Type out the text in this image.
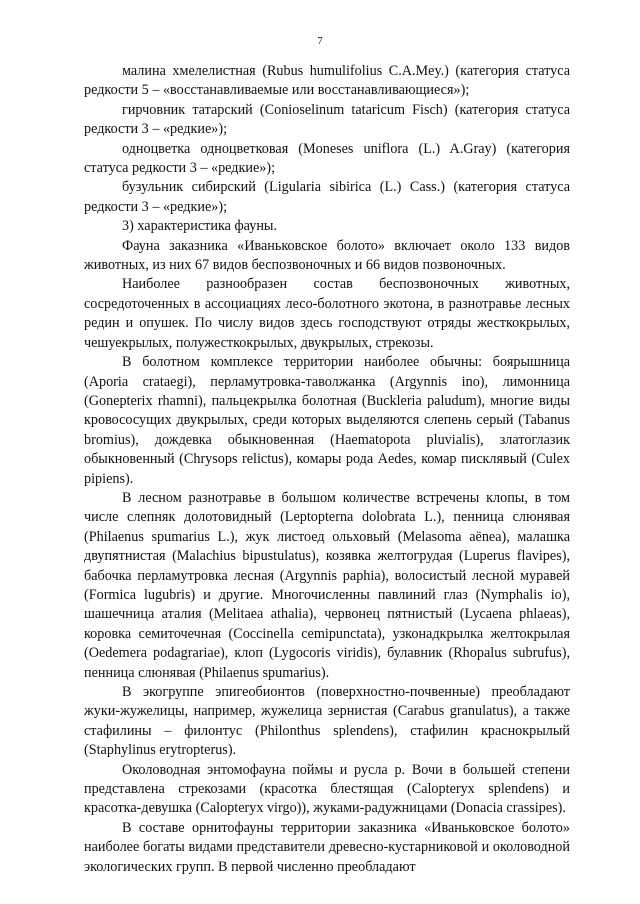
7

малина хмелелистная (Rubus humulifolius C.A.Mey.) (категория статуса редкости 5 – «восстанавливаемые или восстанавливающиеся»);

гирчовник татарский (Conioselinum tataricum Fisch) (категория статуса редкости 3 – «редкие»);

одноцветка одноцветковая (Moneses uniflora (L.) A.Gray) (категория статуса редкости 3 – «редкие»);

бузульник сибирский (Ligularia sibirica (L.) Cass.) (категория статуса редкости 3 – «редкие»);

3) характеристика фауны.

Фауна заказника «Иваньковское болото» включает около 133 видов животных, из них 67 видов беспозвоночных и 66 видов позвоночных.

Наиболее разнообразен состав беспозвоночных животных, сосредоточенных в ассоциациях лесо-болотного экотона, в разнотравье лесных редин и опушек. По числу видов здесь господствуют отряды жесткокрылых, чешуекрылых, полужесткокрылых, двукрылых, стрекозы.

В болотном комплексе территории наиболее обычны: боярышница (Aporia crataegi), перламутровка-таволжанка (Argynnis ino), лимонница (Gonepterix rhamni), пальцекрылка болотная (Buckleria paludum), многие виды кровососущих двукрылых, среди которых выделяются слепень серый (Tabanus bromius), дождевка обыкновенная (Haematopota pluvialis), златоглазик обыкновенный (Chrysops relictus), комары рода Aedes, комар писклявый (Culex pipiens).

В лесном разнотравье в большом количестве встречены клопы, в том числе слепняк долотовидный (Leptopterna dolobrata L.), пенница слюнявая (Philaenus spumarius L.), жук листоед ольховый (Melasoma aënea), малашка двупятнистая (Malachius bipustulatus), козявка желтогрудая (Luperus flavipes), бабочка перламутровка лесная (Argynnis paphia), волосистый лесной муравей (Formica lugubris) и другие. Многочисленны павлиний глаз (Nymphalis io), шашечница аталия (Melitaea athalia), червонец пятнистый (Lycaena phlaeas), коровка семиточечная (Coccinella cemipunctata), узконадкрылка желтокрылая (Oedemera podagrariae), клоп (Lygocoris viridis), булавник (Rhopalus subrufus), пенница слюнявая (Philaenus spumarius).

В экогруппе эпигеобионтов (поверхностно-почвенные) преобладают жуки-жужелицы, например, жужелица зернистая (Carabus granulatus), а также стафилины – филонтус (Philonthus splendens), стафилин краснокрылый (Staphylinus erytropterus).

Околоводная энтомофауна поймы и русла р. Вочи в большей степени представлена стрекозами (красотка блестящая (Calopteryx splendens) и красотка-девушка (Calopteryx virgo)), жуками-радужницами (Donacia crassipes).

В составе орнитофауны территории заказника «Иваньковское болото» наиболее богаты видами представители древесно-кустарниковой и околоводной экологических групп. В первой численно преобладают
